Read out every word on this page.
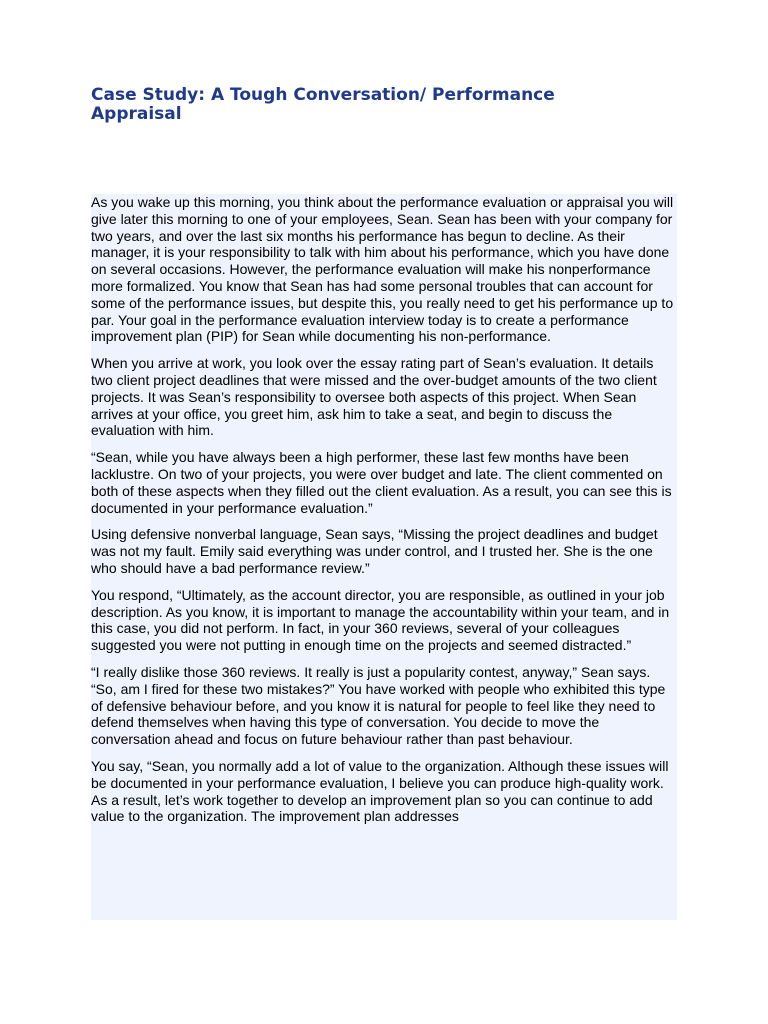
Case Study: A Tough Conversation/ Performance Appraisal

As you wake up this morning, you think about the performance evaluation or appraisal you will give later this morning to one of your employees, Sean. Sean has been with your company for two years, and over the last six months his performance has begun to decline. As their manager, it is your responsibility to talk with him about his performance, which you have done on several occasions. However, the performance evaluation will make his nonperformance more formalized. You know that Sean has had some personal troubles that can account for some of the performance issues, but despite this, you really need to get his performance up to par. Your goal in the performance evaluation interview today is to create a performance improvement plan (PIP) for Sean while documenting his non-performance.

When you arrive at work, you look over the essay rating part of Sean’s evaluation. It details two client project deadlines that were missed and the over-budget amounts of the two client projects. It was Sean’s responsibility to oversee both aspects of this project. When Sean arrives at your office, you greet him, ask him to take a seat, and begin to discuss the evaluation with him.

“Sean, while you have always been a high performer, these last few months have been lacklustre. On two of your projects, you were over budget and late. The client commented on both of these aspects when they filled out the client evaluation. As a result, you can see this is documented in your performance evaluation.”

Using defensive nonverbal language, Sean says, “Missing the project deadlines and budget was not my fault. Emily said everything was under control, and I trusted her. She is the one who should have a bad performance review.”

You respond, “Ultimately, as the account director, you are responsible, as outlined in your job description. As you know, it is important to manage the accountability within your team, and in this case, you did not perform. In fact, in your 360 reviews, several of your colleagues suggested you were not putting in enough time on the projects and seemed distracted.”

“I really dislike those 360 reviews. It really is just a popularity contest, anyway,” Sean says. “So, am I fired for these two mistakes?” You have worked with people who exhibited this type of defensive behaviour before, and you know it is natural for people to feel like they need to defend themselves when having this type of conversation. You decide to move the conversation ahead and focus on future behaviour rather than past behaviour.

You say, “Sean, you normally add a lot of value to the organization. Although these issues will be documented in your performance evaluation, I believe you can produce high-quality work. As a result, let’s work together to develop an improvement plan so you can continue to add value to the organization. The improvement plan addresses
